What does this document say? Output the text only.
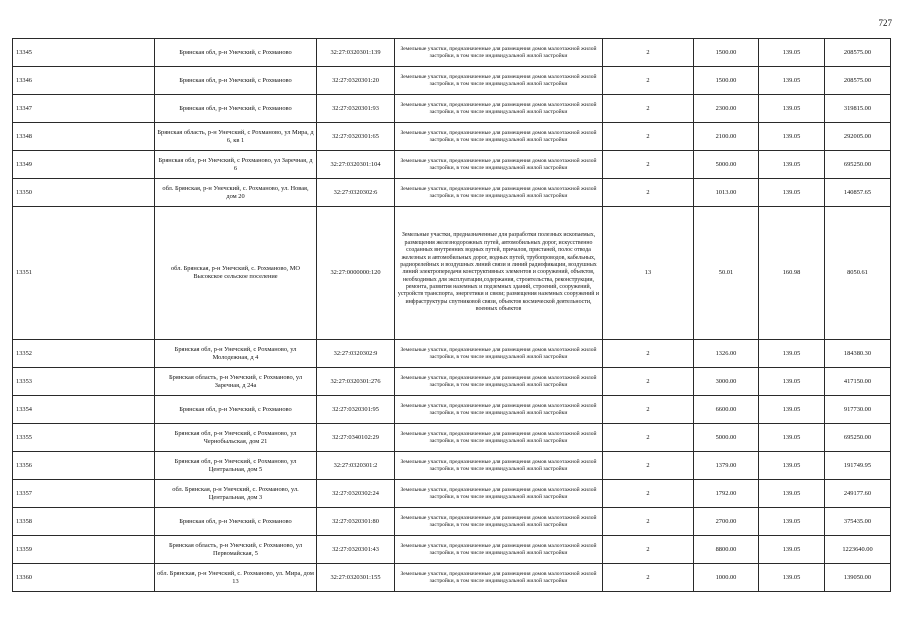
727
13345	Брянская обл, р-н Унечский, с Рохманово	32:27:0320301:139	Земельные участки, предназначенные для размещения домов малоэтажной жилой застройки, в том числе индивидуальной жилой застройки	2	1500.00	139.05	208575.00
13346	Брянская обл, р-н Унечский, с Рохманово	32:27:0320301:20	Земельные участки, предназначенные для размещения домов малоэтажной жилой застройки, в том числе индивидуальной жилой застройки	2	1500.00	139.05	208575.00
13347	Брянская обл, р-н Унечский, с Рохманово	32:27:0320301:93	Земельные участки, предназначенные для размещения домов малоэтажной жилой застройки, в том числе индивидуальной жилой застройки	2	2300.00	139.05	319815.00
13348	Брянская область, р-н Унечский, с Рохманово, ул Мира, д 6, кв 1	32:27:0320301:65	Земельные участки, предназначенные для размещения домов малоэтажной жилой застройки, в том числе индивидуальной жилой застройки	2	2100.00	139.05	292005.00
13349	Брянская обл, р-н Унечский, с Рохманово, ул Заречная, д 6	32:27:0320301:104	Земельные участки, предназначенные для размещения домов малоэтажной жилой застройки, в том числе индивидуальной жилой застройки	2	5000.00	139.05	695250.00
13350	обл. Брянская, р-н Унечский, с. Рохманово, ул. Новая, дом 20	32:27:0320302:6	Земельные участки, предназначенные для размещения домов малоэтажной жилой застройки, в том числе индивидуальной жилой застройки	2	1013.00	139.05	140857.65
13351	обл. Брянская, р-н Унечский, с. Рохманово, МО Высокское сельское поселение	32:27:0000000:120	Земельные участки, предназначенные для разработки полезных ископаемых, размещения железнодорожных путей, автомобильных дорог, искусственно созданных внутренних водных путей, причалов, пристаней, полос отвода железных и автомобильных дорог, водных путей, трубопроводов, кабельных, радиорелейных и воздушных линий связи и линий радиофикации, воздушных линий электропередачи конструктивных элементов и сооружений, объектов, необходимых для эксплуатации,содержания, строительства, реконструкции, ремонта, развития наземных и подземных зданий, строений, сооружений, устройств транспорта, энергетики и связи; размещения наземных сооружений и инфраструктуры спутниковой связи, объектов космической деятельности, военных объектов	13	50.01	160.98	8050.61
13352	Брянская обл, р-н Унечский, с Рохманово, ул Молодежная, д 4	32:27:0320302:9	Земельные участки, предназначенные для размещения домов малоэтажной жилой застройки, в том числе индивидуальной жилой застройки	2	1326.00	139.05	184380.30
13353	Брянская область, р-н Унечский, с Рохманово, ул Заречная, д 24а	32:27:0320301:276	Земельные участки, предназначенные для размещения домов малоэтажной жилой застройки, в том числе индивидуальной жилой застройки	2	3000.00	139.05	417150.00
13354	Брянская обл, р-н Унечский, с Рохманово	32:27:0320301:95	Земельные участки, предназначенные для размещения домов малоэтажной жилой застройки, в том числе индивидуальной жилой застройки	2	6600.00	139.05	917730.00
13355	Брянская обл, р-н Унечский, с Рохманово, ул Чернобыльская, дом 21	32:27:0340102:29	Земельные участки, предназначенные для размещения домов малоэтажной жилой застройки, в том числе индивидуальной жилой застройки	2	5000.00	139.05	695250.00
13356	Брянская обл, р-н Унечский, с Рохманово, ул Центральная, дом 5	32:27:0320301:2	Земельные участки, предназначенные для размещения домов малоэтажной жилой застройки, в том числе индивидуальной жилой застройки	2	1379.00	139.05	191749.95
13357	обл. Брянская, р-н Унечский, с. Рохманово, ул. Центральная, дом 3	32:27:0320302:24	Земельные участки, предназначенные для размещения домов малоэтажной жилой застройки, в том числе индивидуальной жилой застройки	2	1792.00	139.05	249177.60
13358	Брянская обл, р-н Унечский, с Рохманово	32:27:0320301:80	Земельные участки, предназначенные для размещения домов малоэтажной жилой застройки, в том числе индивидуальной жилой застройки	2	2700.00	139.05	375435.00
13359	Брянская область, р-н Унечский, с Рохманово, ул Первомайская, 5	32:27:0320301:43	Земельные участки, предназначенные для размещения домов малоэтажной жилой застройки, в том числе индивидуальной жилой застройки	2	8800.00	139.05	1223640.00
13360	обл. Брянская, р-н Унечский, с. Рохманово, ул. Мира, дом 13	32:27:0320301:155	Земельные участки, предназначенные для размещения домов малоэтажной жилой застройки, в том числе индивидуальной жилой застройки	2	1000.00	139.05	139050.00
